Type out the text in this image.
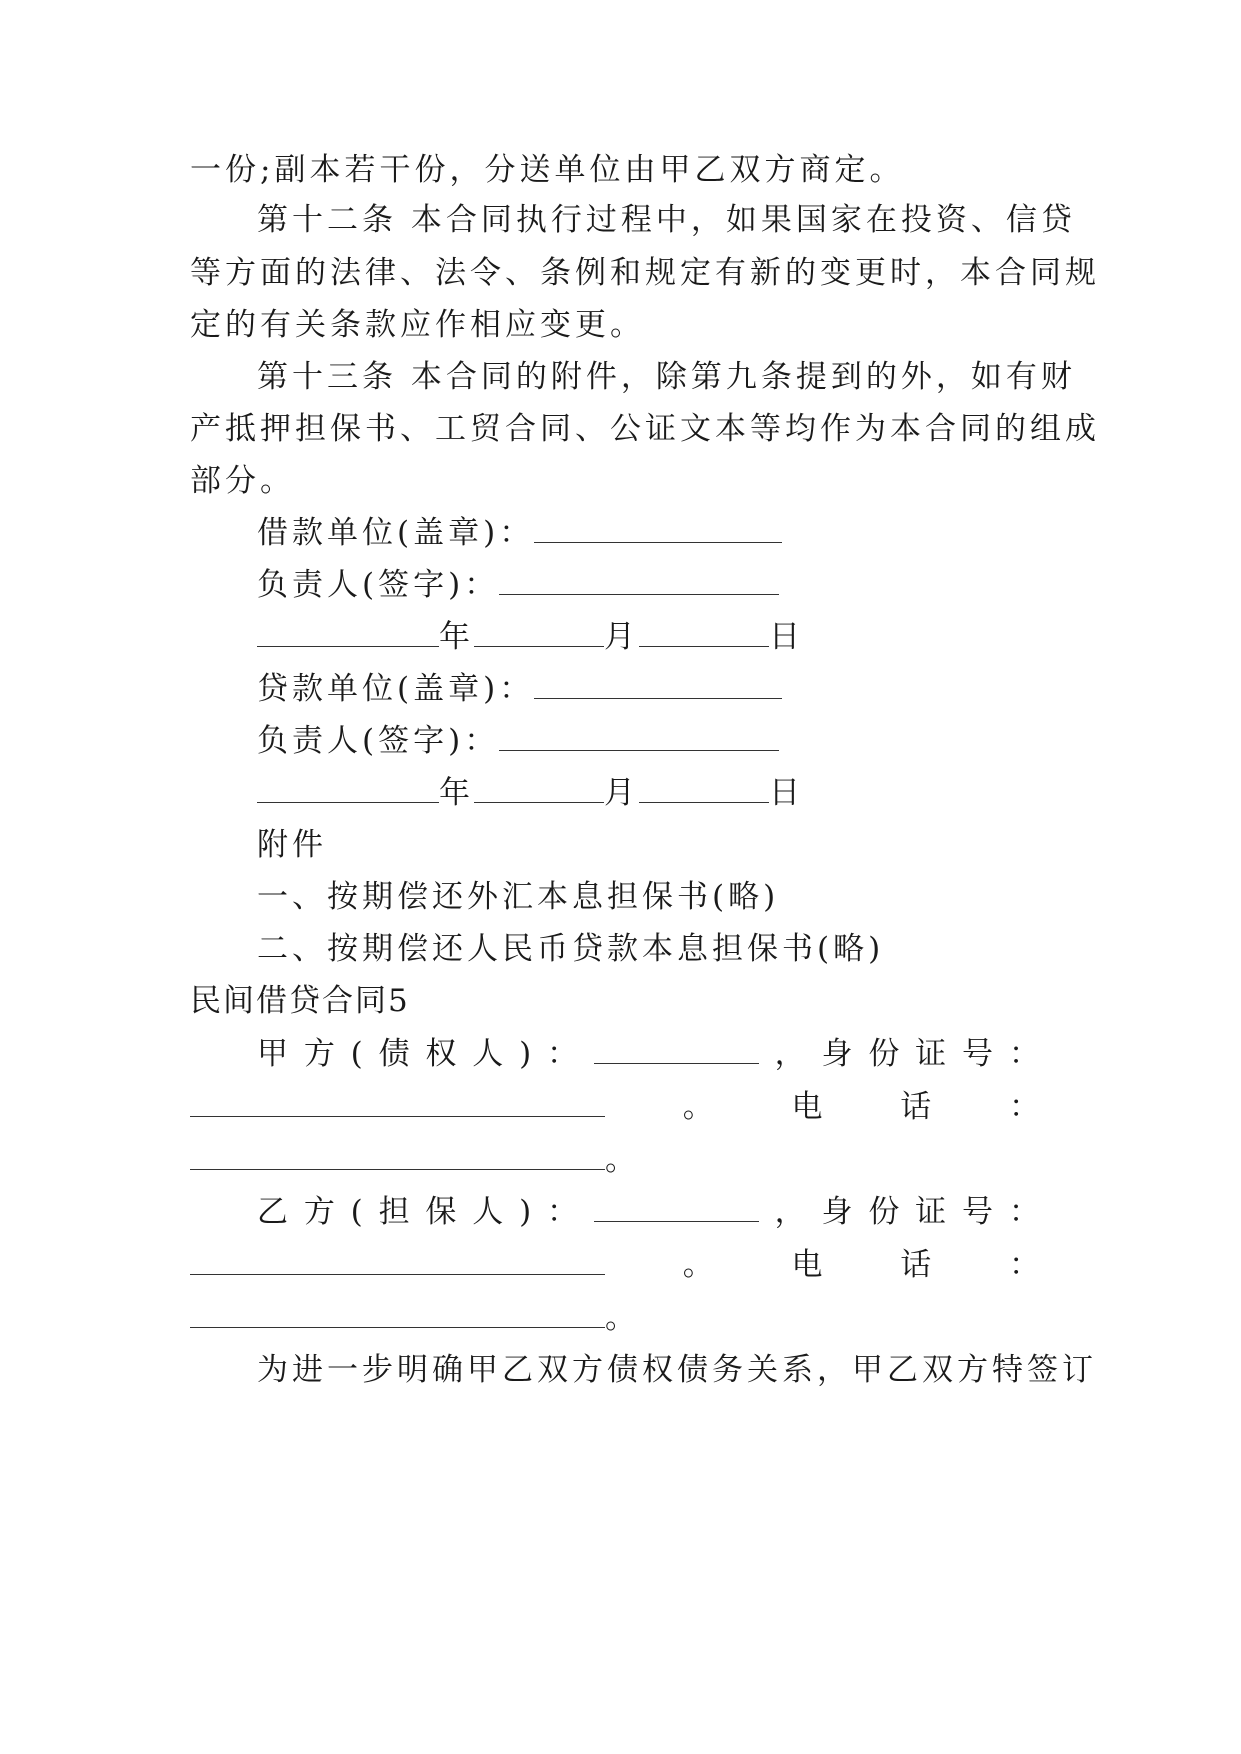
一份;副本若干份，分送单位由甲乙双方商定。
第十二条 本合同执行过程中，如果国家在投资、信贷
等方面的法律、法令、条例和规定有新的变更时，本合同规
定的有关条款应作相应变更。
第十三条 本合同的附件，除第九条提到的外，如有财
产抵押担保书、工贸合同、公证文本等均作为本合同的组成
部分。
借款单位(盖章)：
负责人(签字)：
年	月	日
贷款单位(盖章)：
负责人(签字)：
年	月	日
附件
一、按期偿还外汇本息担保书(略)
二、按期偿还人民币贷款本息担保书(略)
民间借贷合同5
甲 方 ( 债 权 人 ) ：	， 身 份 证 号 ：
。	电	话	：
。
乙 方 ( 担 保 人 ) ：	， 身 份 证 号 ：
。	电	话	：
。
为进一步明确甲乙双方债权债务关系，甲乙双方特签订
